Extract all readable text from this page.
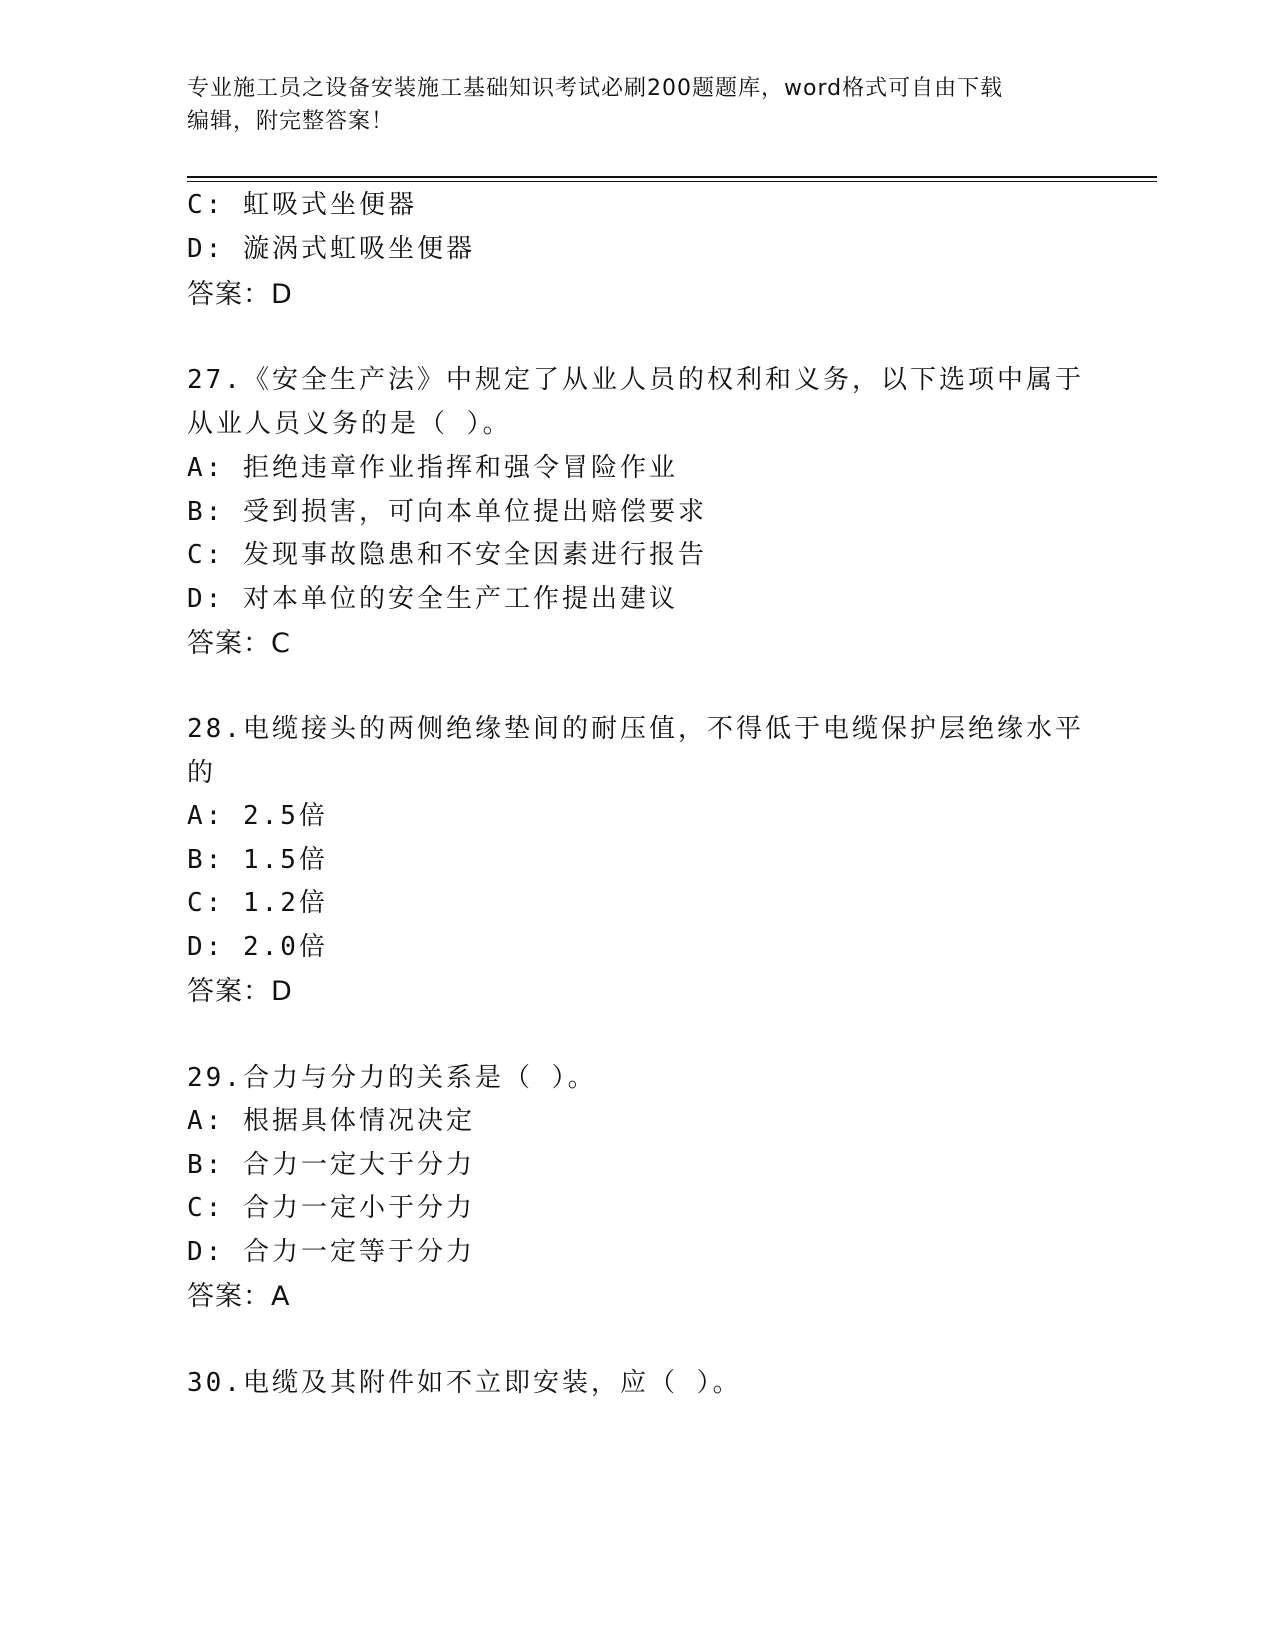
专业施工员之设备安装施工基础知识考试必刷200题题库，word格式可自由下载
编辑，附完整答案！
C: 虹吸式坐便器
D: 漩涡式虹吸坐便器
答案：D
27.《安全生产法》中规定了从业人员的权利和义务，以下选项中属于
从业人员义务的是（ ）。
A: 拒绝违章作业指挥和强令冒险作业
B: 受到损害，可向本单位提出赔偿要求
C: 发现事故隐患和不安全因素进行报告
D: 对本单位的安全生产工作提出建议
答案：C
28.电缆接头的两侧绝缘垫间的耐压值，不得低于电缆保护层绝缘水平
的
A: 2.5倍
B: 1.5倍
C: 1.2倍
D: 2.0倍
答案：D
29.合力与分力的关系是（ ）。
A: 根据具体情况决定
B: 合力一定大于分力
C: 合力一定小于分力
D: 合力一定等于分力
答案：A
30.电缆及其附件如不立即安装，应（ ）。
